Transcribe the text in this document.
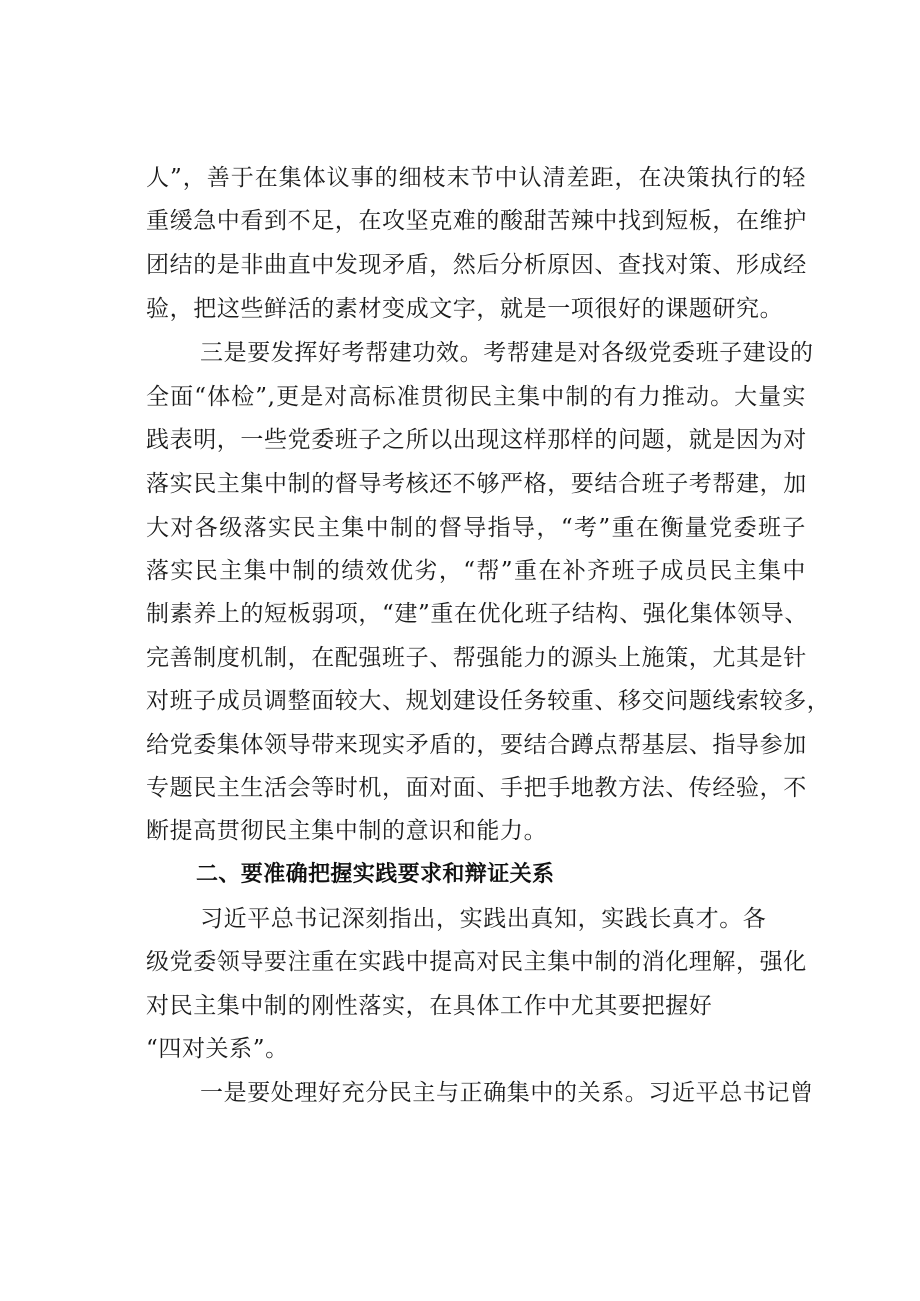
人”，善于在集体议事的细枝末节中认清差距，在决策执行的轻
重缓急中看到不足，在攻坚克难的酸甜苦辣中找到短板，在维护
团结的是非曲直中发现矛盾，然后分析原因、查找对策、形成经
验，把这些鲜活的素材变成文字，就是一项很好的课题研究。
三是要发挥好考帮建功效。考帮建是对各级党委班子建设的
全面“体检”,更是对高标准贯彻民主集中制的有力推动。大量实
践表明，一些党委班子之所以出现这样那样的问题，就是因为对
落实民主集中制的督导考核还不够严格，要结合班子考帮建，加
大对各级落实民主集中制的督导指导，“考”重在衡量党委班子
落实民主集中制的绩效优劣，“帮”重在补齐班子成员民主集中
制素养上的短板弱项，“建”重在优化班子结构、强化集体领导、
完善制度机制，在配强班子、帮强能力的源头上施策，尤其是针
对班子成员调整面较大、规划建设任务较重、移交问题线索较多，
给党委集体领导带来现实矛盾的，要结合蹲点帮基层、指导参加
专题民主生活会等时机，面对面、手把手地教方法、传经验，不
断提高贯彻民主集中制的意识和能力。
二、要准确把握实践要求和辩证关系
习近平总书记深刻指出，实践出真知，实践长真才。各
级党委领导要注重在实践中提高对民主集中制的消化理解，强化
对民主集中制的刚性落实，在具体工作中尤其要把握好
“四对关系”。
一是要处理好充分民主与正确集中的关系。习近平总书记曾
